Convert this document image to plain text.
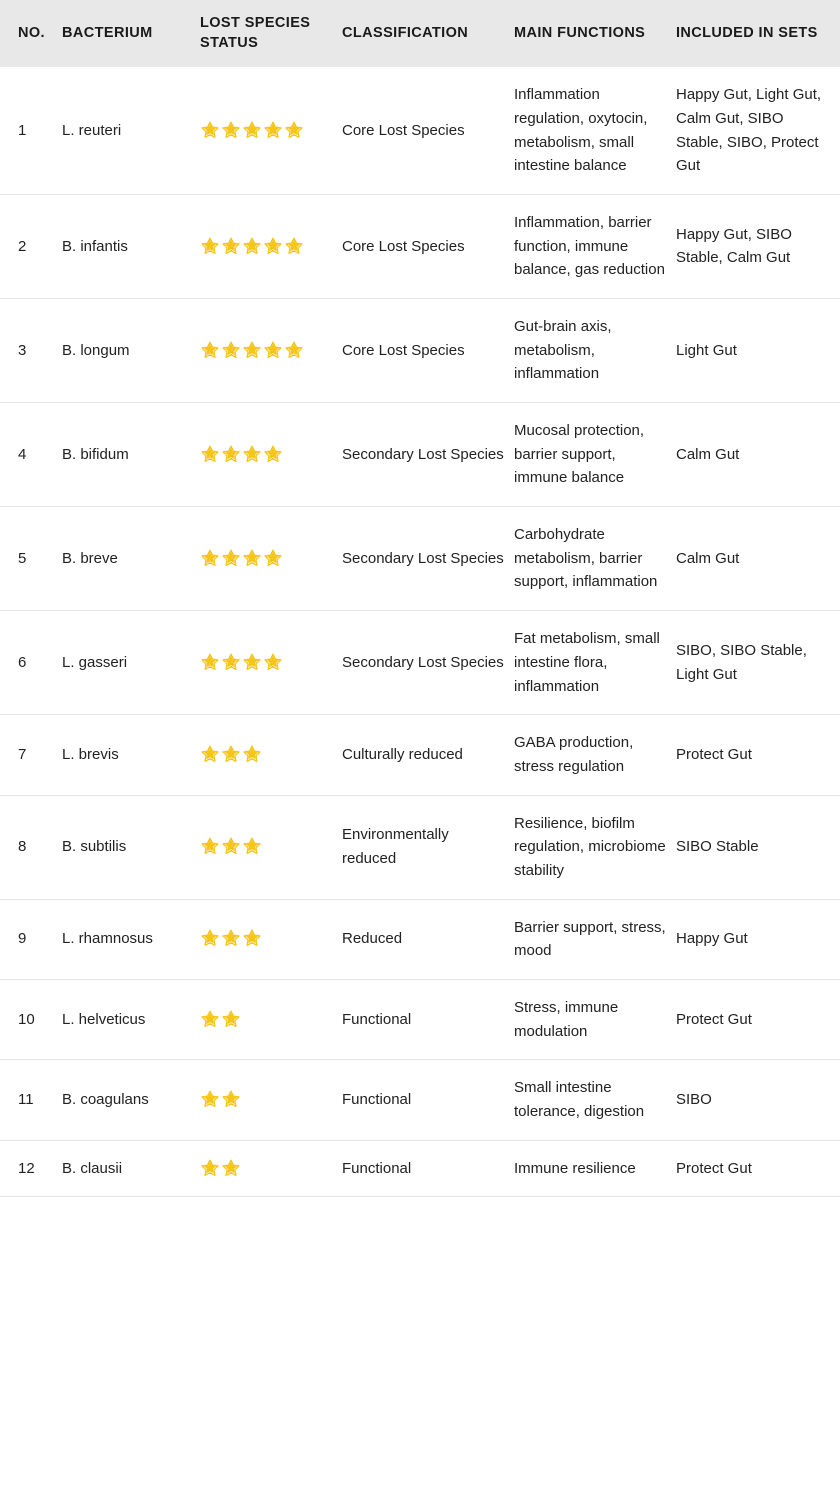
NO.	BACTERIUM	LOST SPECIES STATUS	CLASSIFICATION	MAIN FUNCTIONS	INCLUDED IN SETS
1	L. reuteri		Core Lost Species	Inflammation regulation, oxytocin, metabolism, small intestine balance	Happy Gut, Light Gut, Calm Gut, SIBO Stable, SIBO, Protect Gut
2	B. infantis		Core Lost Species	Inflammation, barrier function, immune balance, gas reduction	Happy Gut, SIBO Stable, Calm Gut
3	B. longum		Core Lost Species	Gut-brain axis, metabolism, inflammation	Light Gut
4	B. bifidum		Secondary Lost Species	Mucosal protection, barrier support, immune balance	Calm Gut
5	B. breve		Secondary Lost Species	Carbohydrate metabolism, barrier support, inflammation	Calm Gut
6	L. gasseri		Secondary Lost Species	Fat metabolism, small intestine flora, inflammation	SIBO, SIBO Stable, Light Gut
7	L. brevis		Culturally reduced	GABA production, stress regulation	Protect Gut
8	B. subtilis		Environmentally reduced	Resilience, biofilm regulation, microbiome stability	SIBO Stable
9	L. rhamnosus		Reduced	Barrier support, stress, mood	Happy Gut
10	L. helveticus		Functional	Stress, immune modulation	Protect Gut
11	B. coagulans		Functional	Small intestine tolerance, digestion	SIBO
12	B. clausii		Functional	Immune resilience	Protect Gut
